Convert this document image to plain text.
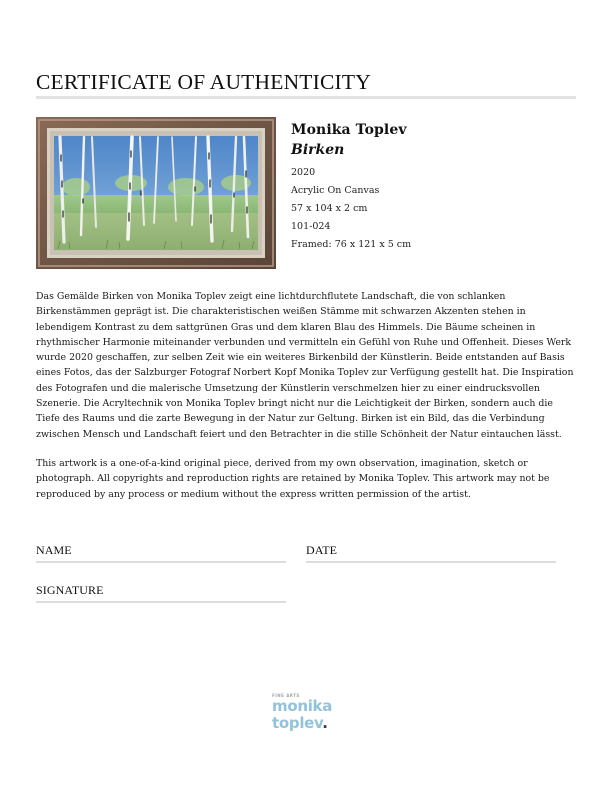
CERTIFICATE OF AUTHENTICITY
Monika Toplev
Birken
2020
Acrylic On Canvas
57 x 104 x 2 cm
101-024
Framed: 76 x 121 x 5 cm

Das Gemälde Birken von Monika Toplev zeigt eine lichtdurchflutete Landschaft, die von schlanken Birkenstämmen geprägt ist. Die charakteristischen weißen Stämme mit schwarzen Akzenten stehen in lebendigem Kontrast zu dem sattgrünen Gras und dem klaren Blau des Himmels. Die Bäume scheinen in rhythmischer Harmonie miteinander verbunden und vermitteln ein Gefühl von Ruhe und Offenheit. Dieses Werk wurde 2020 geschaffen, zur selben Zeit wie ein weiteres Birkenbild der Künstlerin. Beide entstanden auf Basis eines Fotos, das der Salzburger Fotograf Norbert Kopf Monika Toplev zur Verfügung gestellt hat. Die Inspiration des Fotografen und die malerische Umsetzung der Künstlerin verschmelzen hier zu einer eindrucksvollen Szenerie. Die Acryltechnik von Monika Toplev bringt nicht nur die Leichtigkeit der Birken, sondern auch die Tiefe des Raums und die zarte Bewegung in der Natur zur Geltung. Birken ist ein Bild, das die Verbindung zwischen Mensch und Landschaft feiert und den Betrachter in die stille Schönheit der Natur eintauchen lässt.

This artwork is a one-of-a-kind original piece, derived from my own observation, imagination, sketch or photograph. All copyrights and reproduction rights are retained by Monika Toplev. This artwork may not be reproduced by any process or medium without the express written permission of the artist.

NAME	DATE
SIGNATURE
FINE ARTS
monika
toplev.
